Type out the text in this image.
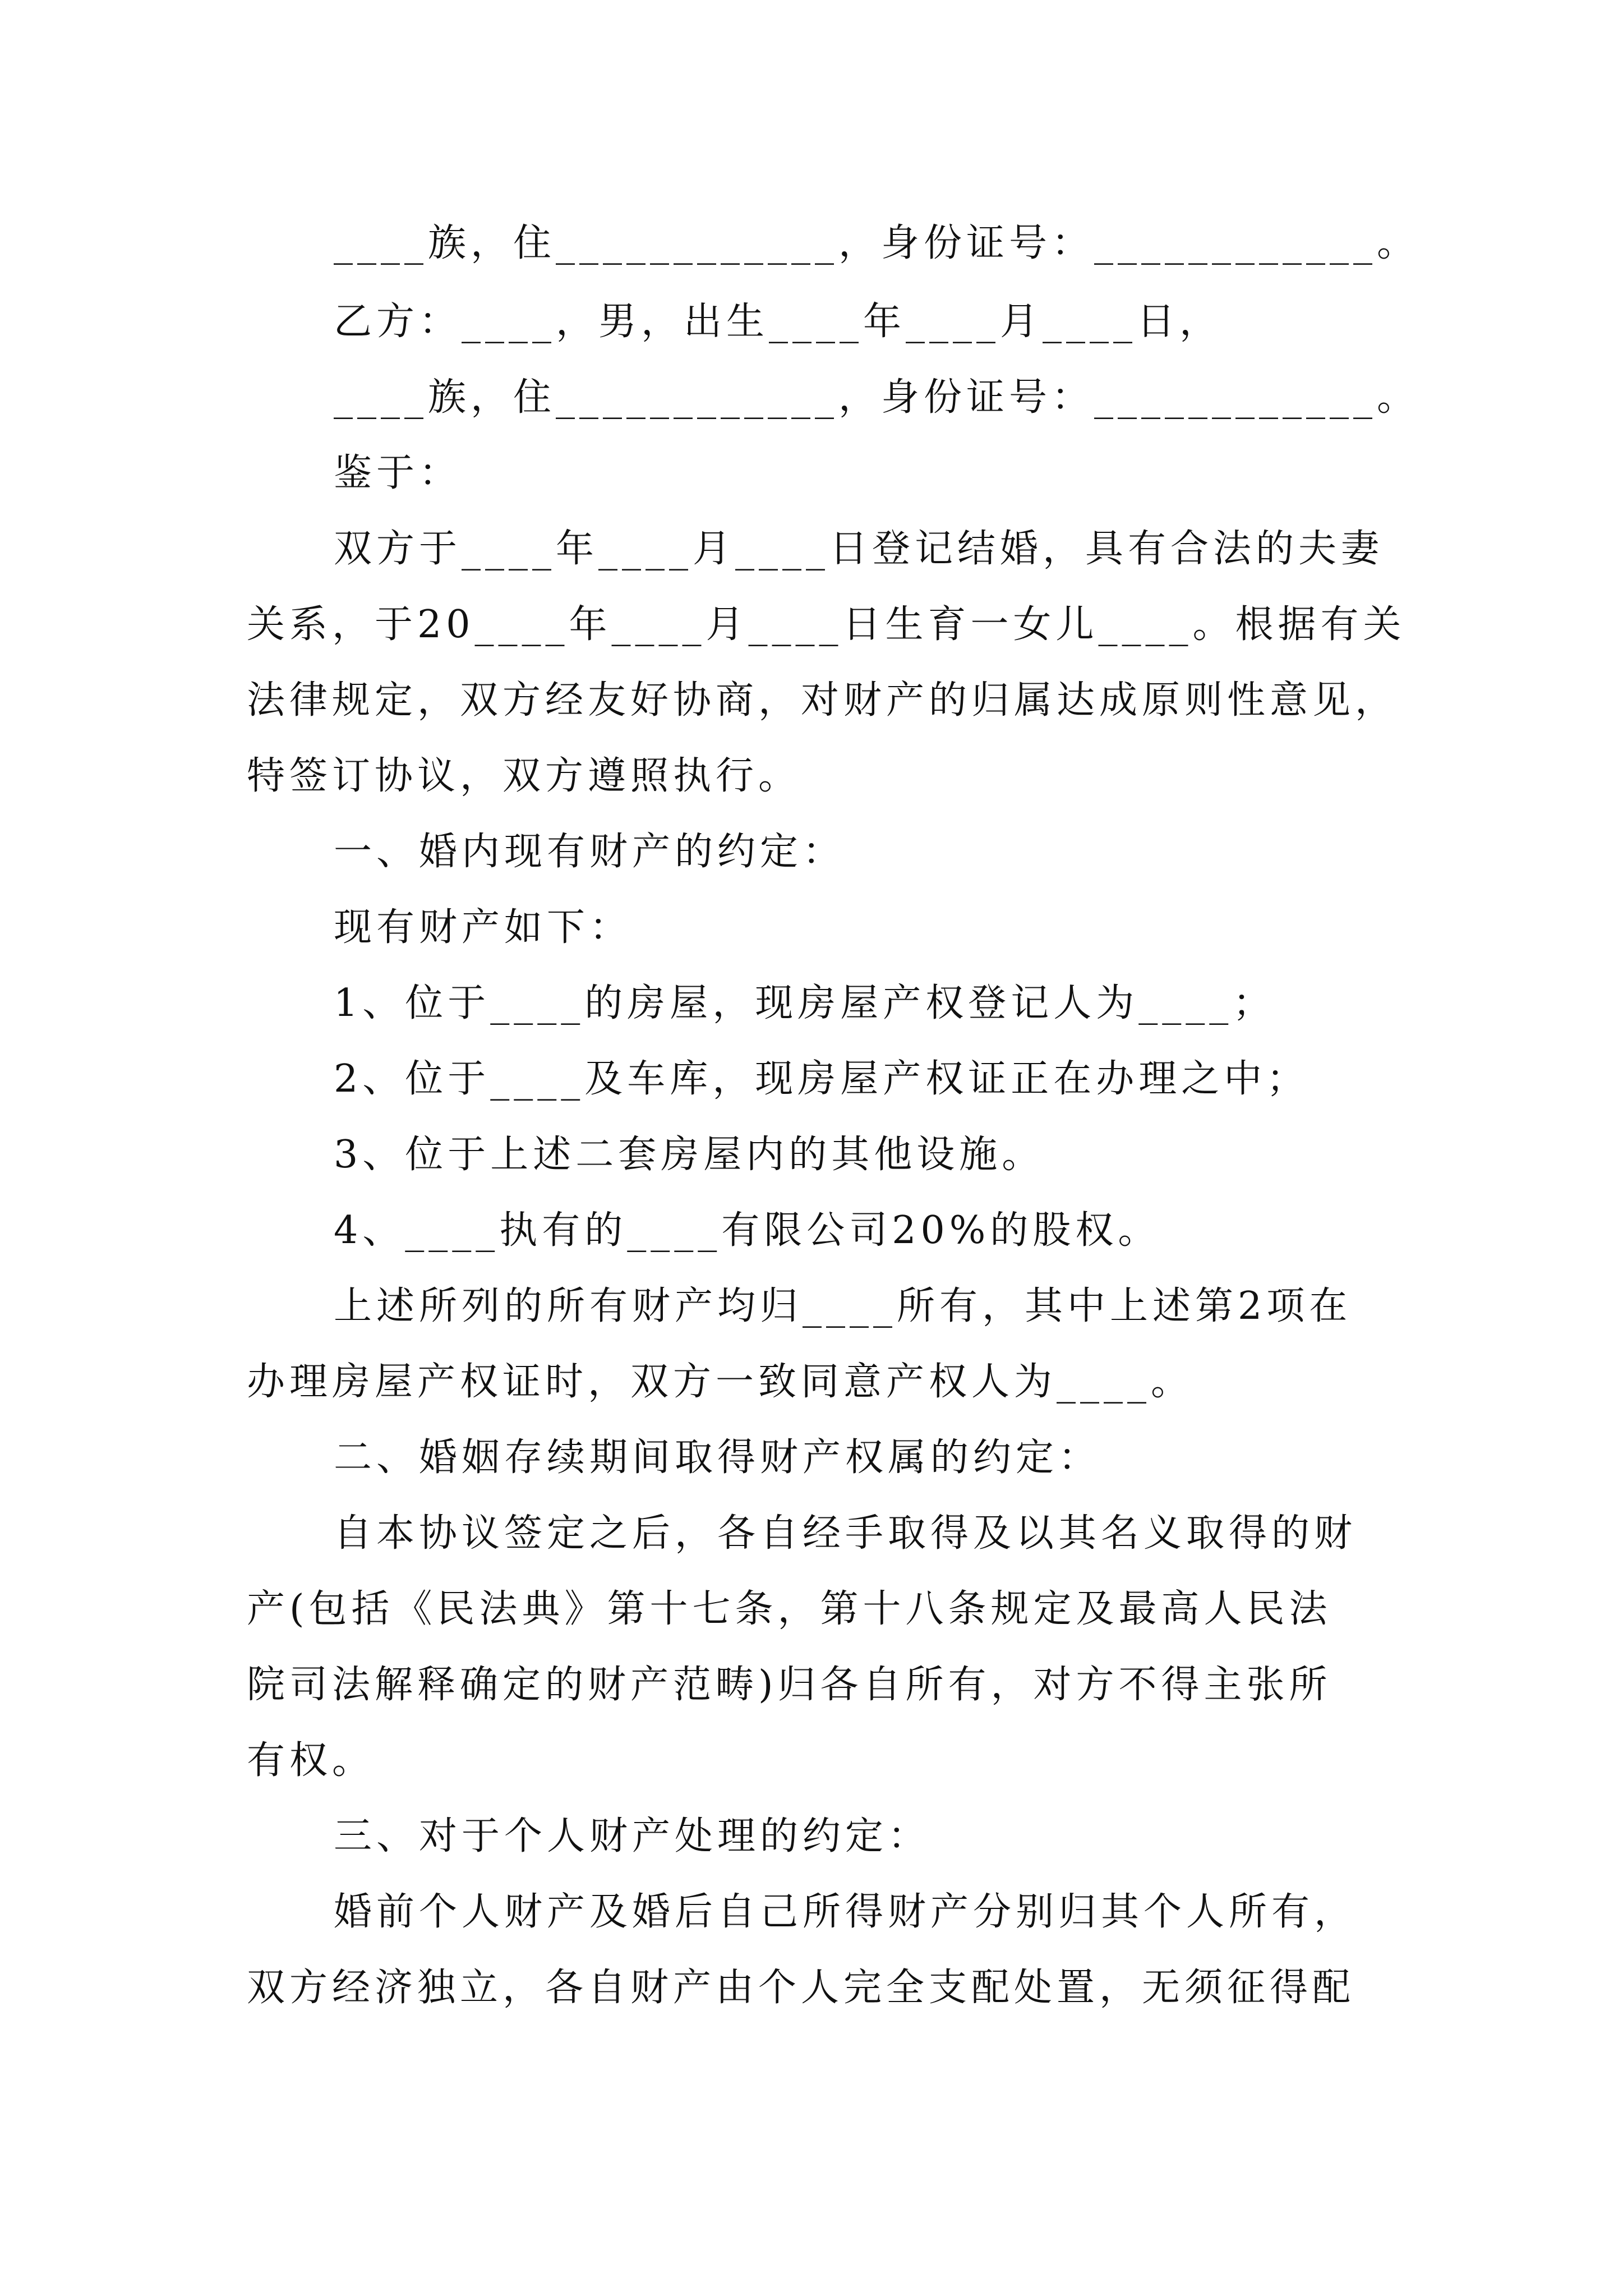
____族，住____________，身份证号：____________。
乙方：____，男，出生____年____月____日，
____族，住____________，身份证号：____________。
鉴于：
双方于____年____月____日登记结婚，具有合法的夫妻
关系，于20____年____月____日生育一女儿____。根据有关
法律规定，双方经友好协商，对财产的归属达成原则性意见，
特签订协议，双方遵照执行。
一、婚内现有财产的约定：
现有财产如下：
1、位于____的房屋，现房屋产权登记人为____；
2、位于____及车库，现房屋产权证正在办理之中；
3、位于上述二套房屋内的其他设施。
4、____执有的____有限公司20%的股权。
上述所列的所有财产均归____所有，其中上述第2项在
办理房屋产权证时，双方一致同意产权人为____。
二、婚姻存续期间取得财产权属的约定：
自本协议签定之后，各自经手取得及以其名义取得的财
产(包括《民法典》第十七条，第十八条规定及最高人民法
院司法解释确定的财产范畴)归各自所有，对方不得主张所
有权。
三、对于个人财产处理的约定：
婚前个人财产及婚后自己所得财产分别归其个人所有，
双方经济独立，各自财产由个人完全支配处置，无须征得配
